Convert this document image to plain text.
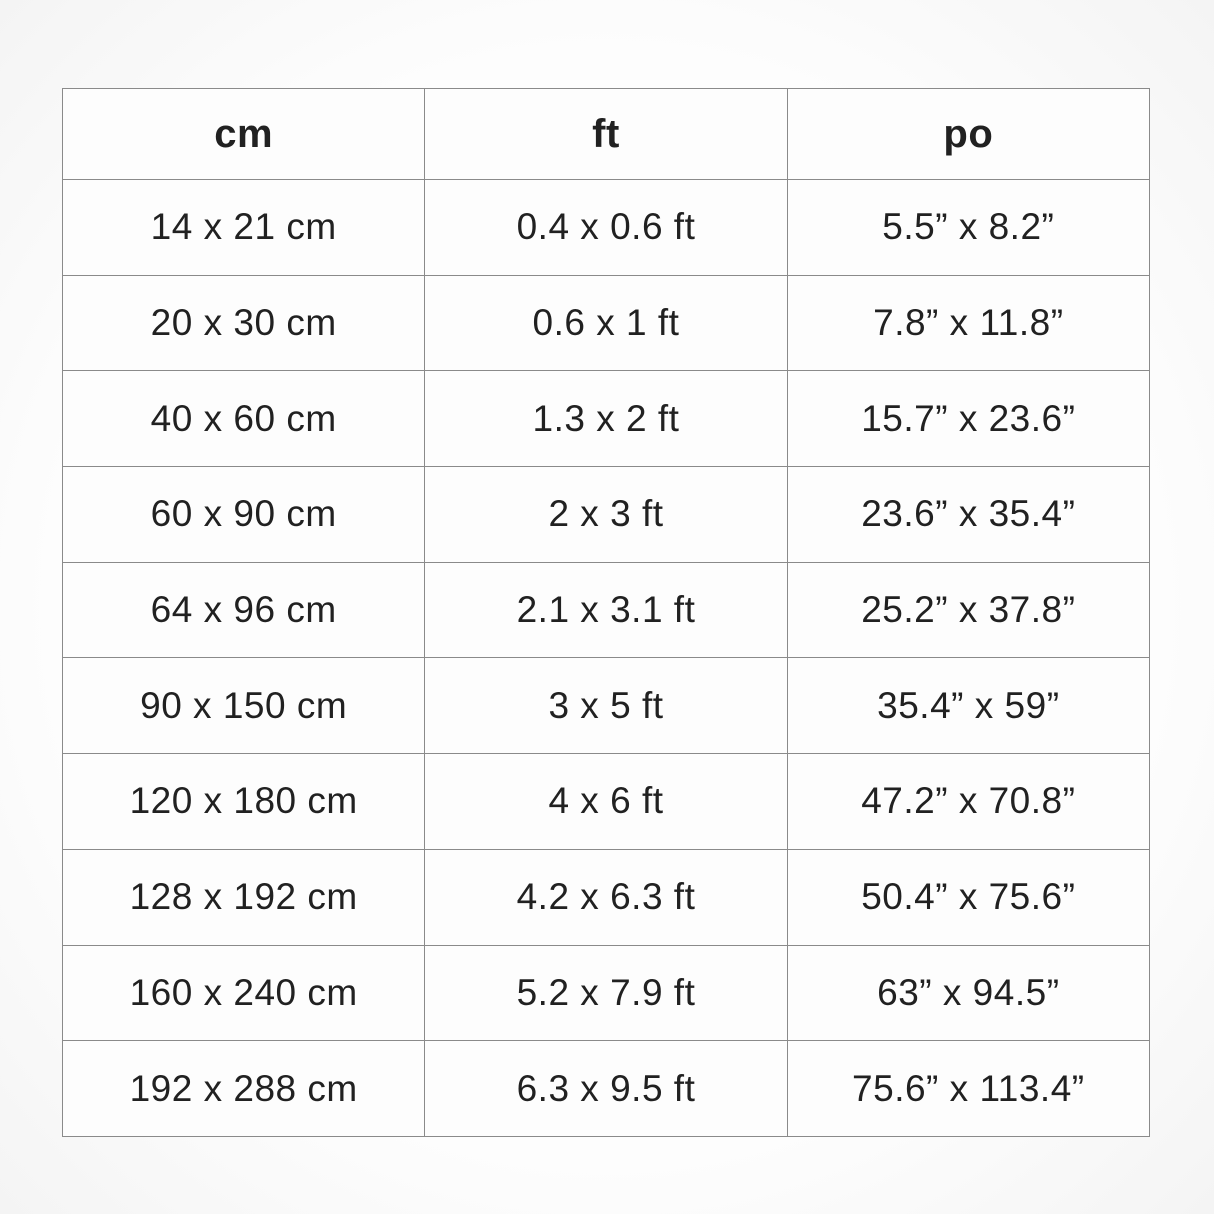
cm	ft	po
14 x 21 cm	0.4 x 0.6 ft	5.5” x 8.2”
20 x 30 cm	0.6 x 1 ft	7.8” x 11.8”
40 x 60 cm	1.3 x 2 ft	15.7” x 23.6”
60 x 90 cm	2 x 3 ft	23.6” x 35.4”
64 x 96 cm	2.1 x 3.1 ft	25.2” x 37.8”
90 x 150 cm	3 x 5 ft	35.4” x 59”
120 x 180 cm	4 x 6 ft	47.2” x 70.8”
128 x 192 cm	4.2 x 6.3 ft	50.4” x 75.6”
160 x 240 cm	5.2 x 7.9 ft	63” x 94.5”
192 x 288 cm	6.3 x 9.5 ft	75.6” x 113.4”
